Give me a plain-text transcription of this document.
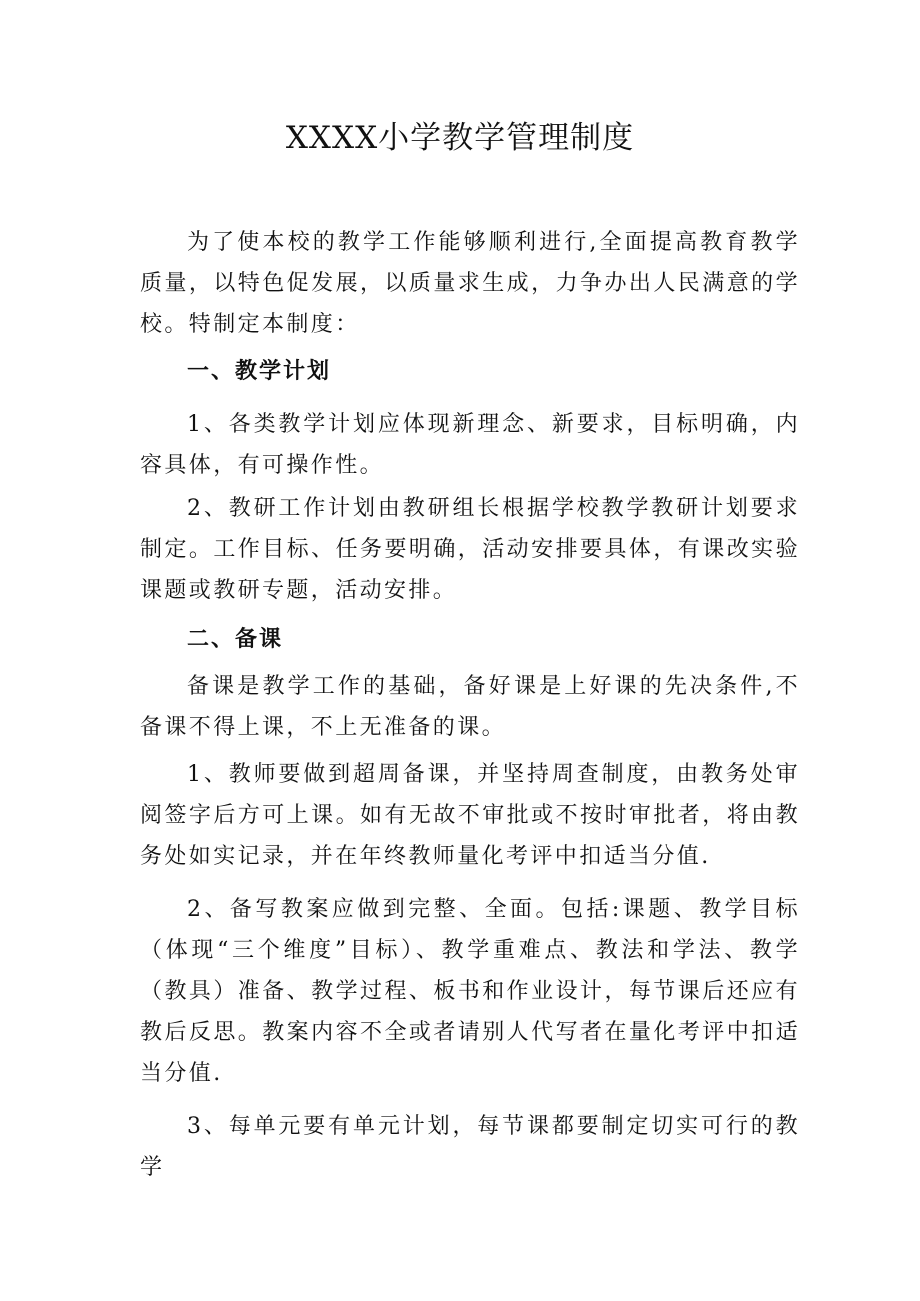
XXXX小学教学管理制度

为了使本校的教学工作能够顺利进行,全面提高教育教学质量，以特色促发展，以质量求生成，力争办出人民满意的学校。特制定本制度：

一、教学计划

1、各类教学计划应体现新理念、新要求，目标明确，内容具体，有可操作性。

2、教研工作计划由教研组长根据学校教学教研计划要求制定。工作目标、任务要明确，活动安排要具体，有课改实验课题或教研专题，活动安排。

二、备课

备课是教学工作的基础，备好课是上好课的先决条件,不备课不得上课，不上无准备的课。

1、教师要做到超周备课，并坚持周查制度，由教务处审阅签字后方可上课。如有无故不审批或不按时审批者，将由教务处如实记录，并在年终教师量化考评中扣适当分值.

2、备写教案应做到完整、全面。包括:课题、教学目标（体现“三个维度”目标）、教学重难点、教法和学法、教学（教具）准备、教学过程、板书和作业设计，每节课后还应有教后反思。教案内容不全或者请别人代写者在量化考评中扣适当分值.

3、每单元要有单元计划，每节课都要制定切实可行的教学
